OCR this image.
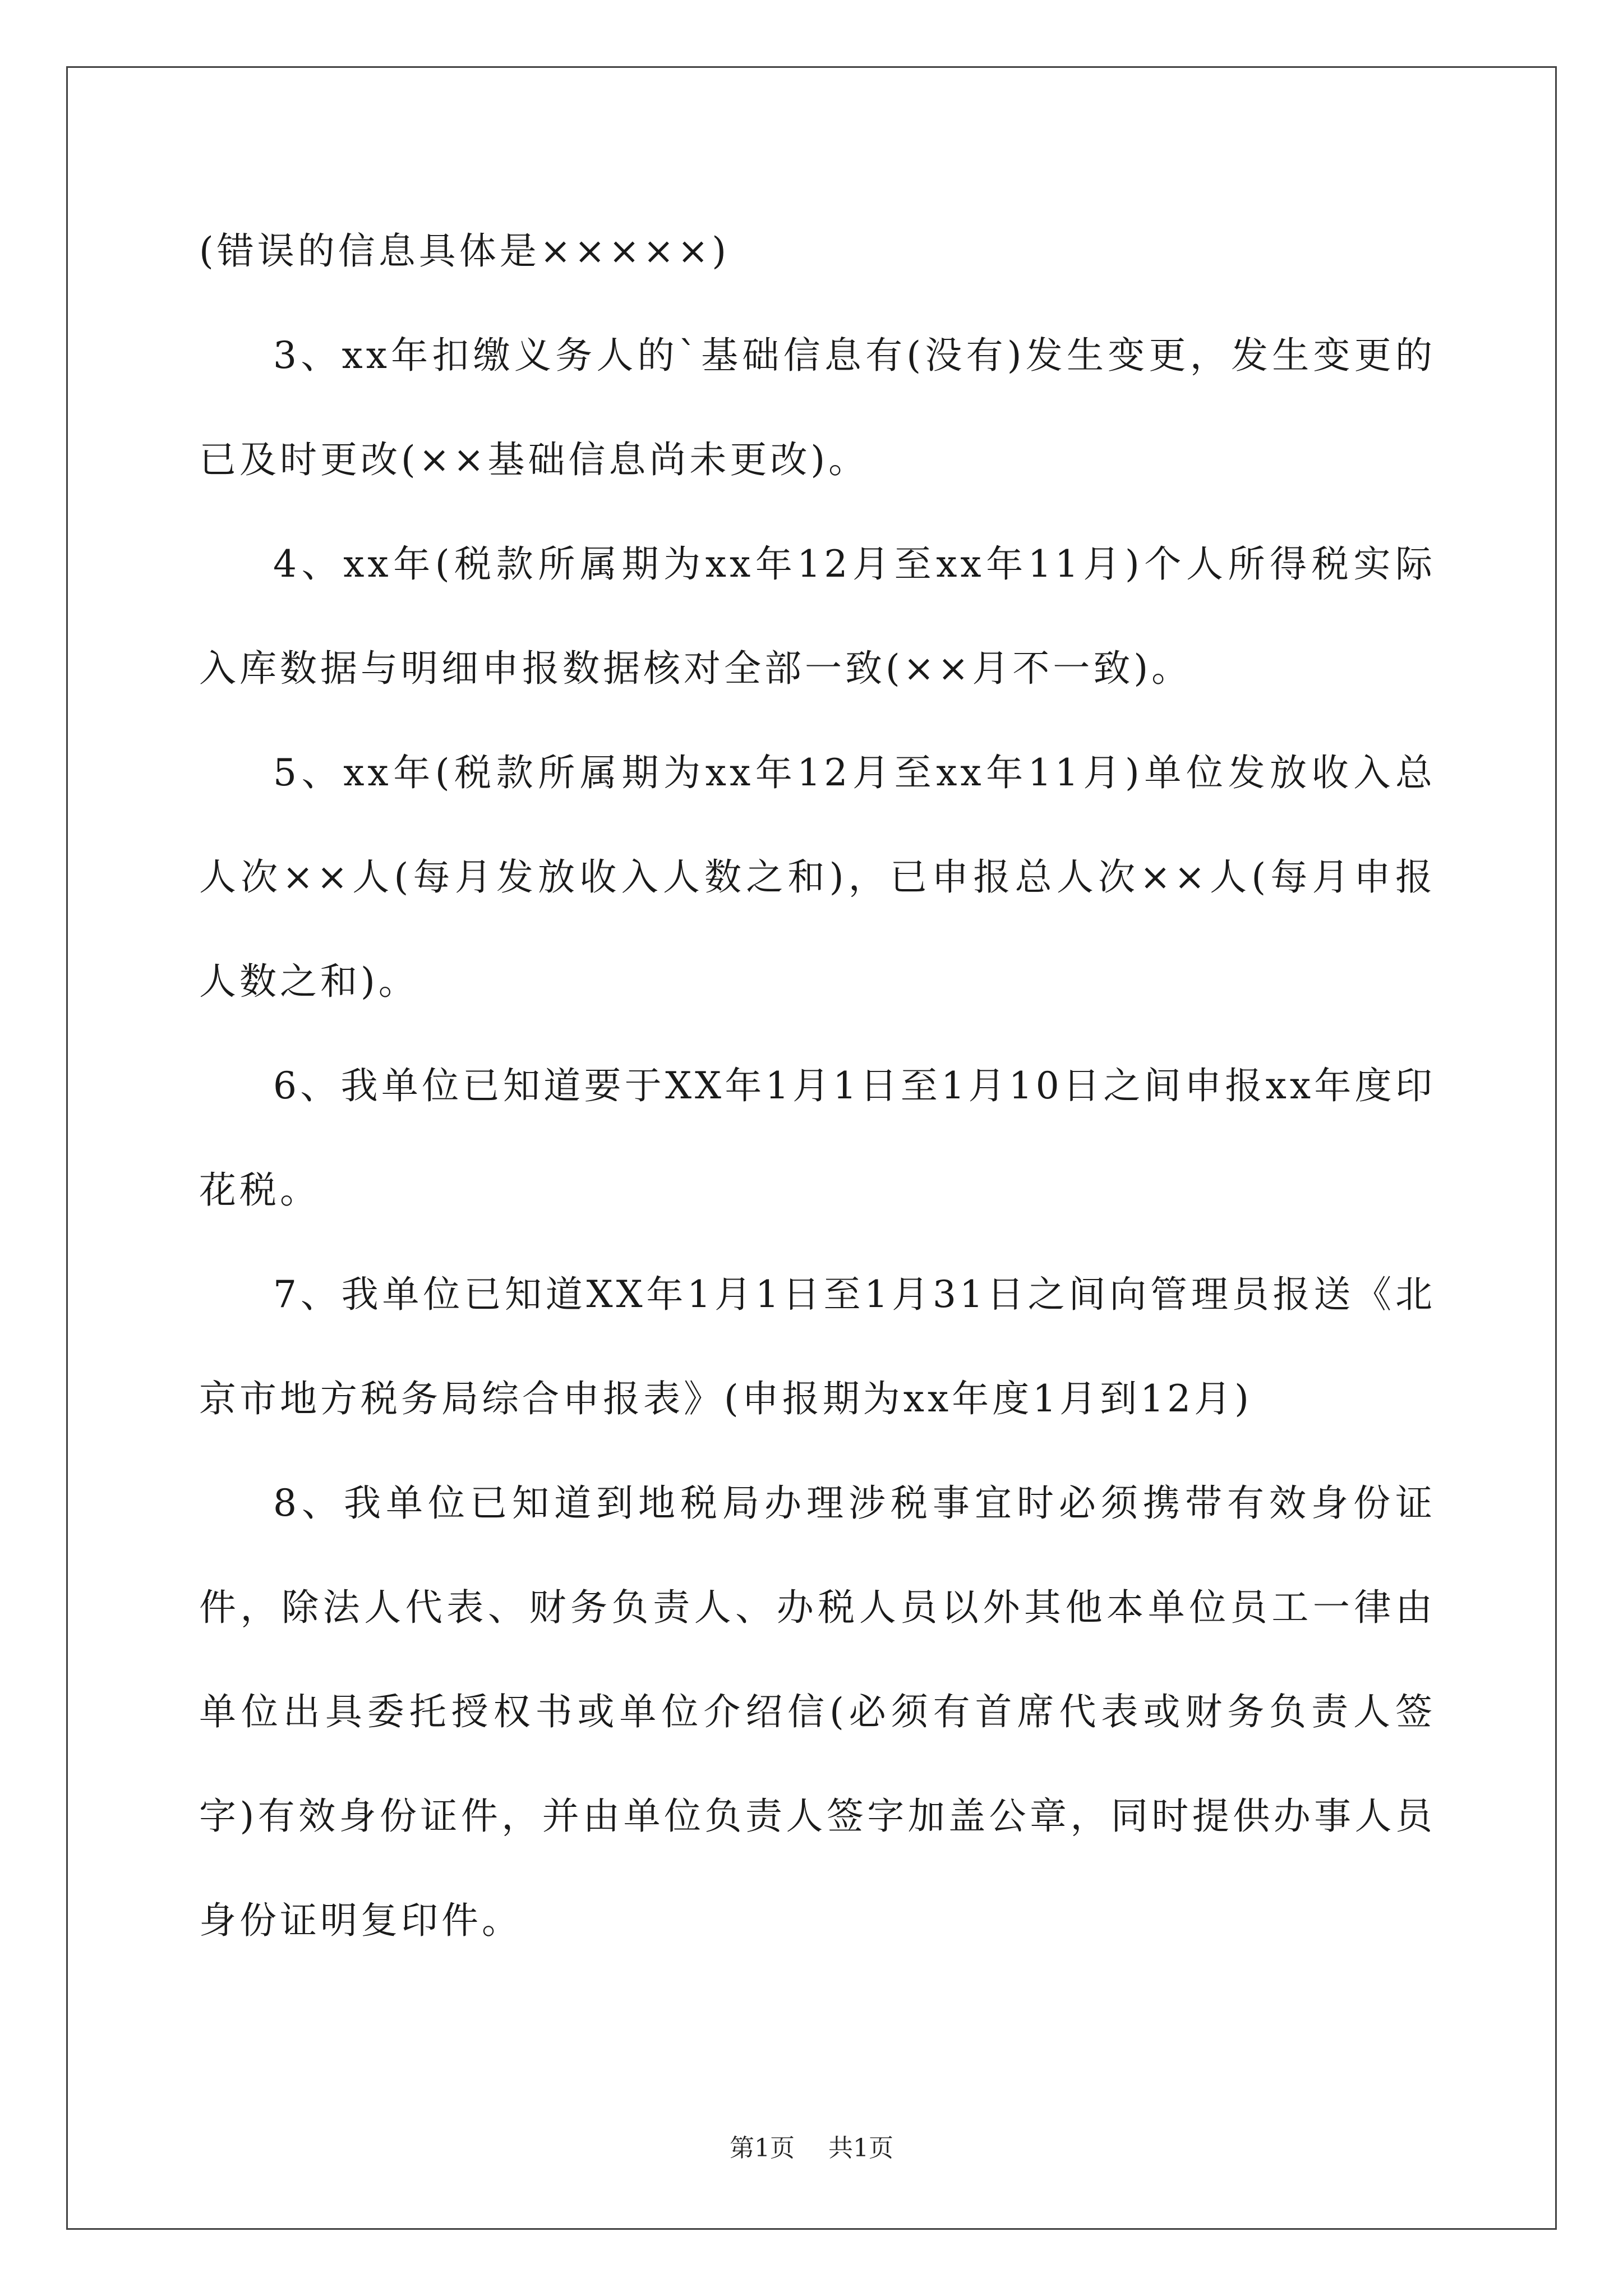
(错误的信息具体是×××××)

3、xx年扣缴义务人的`基础信息有(没有)发生变更，发生变更的已及时更改(××基础信息尚未更改)。

4、xx年(税款所属期为xx年12月至xx年11月)个人所得税实际入库数据与明细申报数据核对全部一致(××月不一致)。

5、xx年(税款所属期为xx年12月至xx年11月)单位发放收入总人次××人(每月发放收入人数之和)，已申报总人次××人(每月申报人数之和)。

6、我单位已知道要于XX年1月1日至1月10日之间申报xx年度印花税。

7、我单位已知道XX年1月1日至1月31日之间向管理员报送《北京市地方税务局综合申报表》(申报期为xx年度1月到12月)

8、我单位已知道到地税局办理涉税事宜时必须携带有效身份证件，除法人代表、财务负责人、办税人员以外其他本单位员工一律由单位出具委托授权书或单位介绍信(必须有首席代表或财务负责人签字)有效身份证件，并由单位负责人签字加盖公章，同时提供办事人员身份证明复印件。

第1页 共1页
